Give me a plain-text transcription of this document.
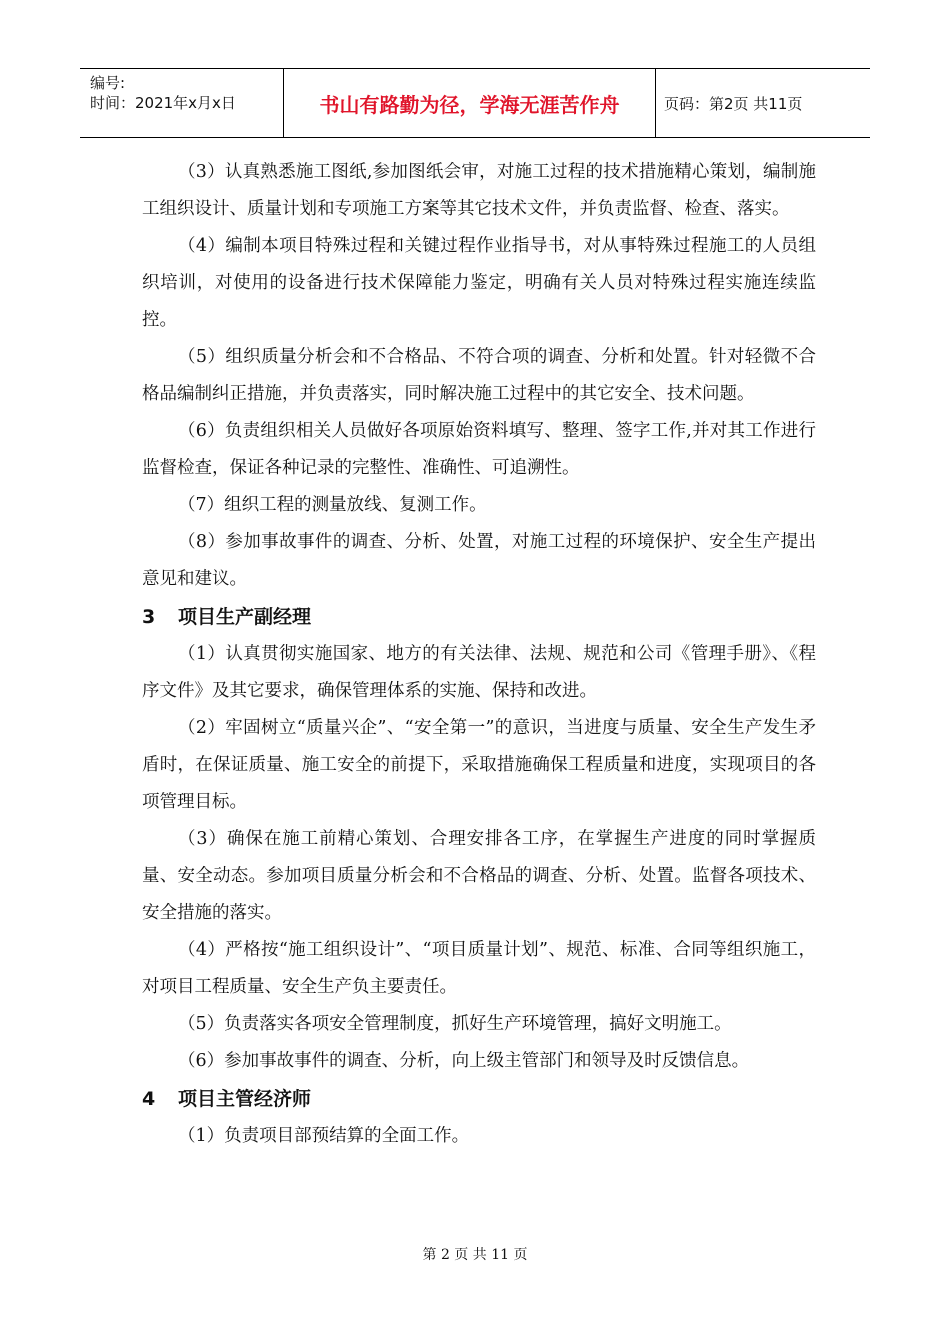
编号:
时间：2021年x月x日	书山有路勤为径，学海无涯苦作舟	页码：第2页 共11页

（3）认真熟悉施工图纸,参加图纸会审，对施工过程的技术措施精心策划，编制施工组织设计、质量计划和专项施工方案等其它技术文件，并负责监督、检查、落实。

（4）编制本项目特殊过程和关键过程作业指导书，对从事特殊过程施工的人员组织培训，对使用的设备进行技术保障能力鉴定，明确有关人员对特殊过程实施连续监控。

（5）组织质量分析会和不合格品、不符合项的调查、分析和处置。针对轻微不合格品编制纠正措施，并负责落实，同时解决施工过程中的其它安全、技术问题。

（6）负责组织相关人员做好各项原始资料填写、整理、签字工作,并对其工作进行监督检查，保证各种记录的完整性、准确性、可追溯性。

（7）组织工程的测量放线、复测工作。

（8）参加事故事件的调查、分析、处置，对施工过程的环境保护、安全生产提出意见和建议。

3 项目生产副经理

（1）认真贯彻实施国家、地方的有关法律、法规、规范和公司《管理手册》、《程序文件》及其它要求，确保管理体系的实施、保持和改进。

（2）牢固树立“质量兴企”、“安全第一”的意识，当进度与质量、安全生产发生矛盾时，在保证质量、施工安全的前提下，采取措施确保工程质量和进度，实现项目的各项管理目标。

（3）确保在施工前精心策划、合理安排各工序，在掌握生产进度的同时掌握质量、安全动态。参加项目质量分析会和不合格品的调查、分析、处置。监督各项技术、安全措施的落实。

（4）严格按“施工组织设计”、“项目质量计划”、规范、标准、合同等组织施工，对项目工程质量、安全生产负主要责任。

（5）负责落实各项安全管理制度，抓好生产环境管理，搞好文明施工。

（6）参加事故事件的调查、分析，向上级主管部门和领导及时反馈信息。

4 项目主管经济师

（1）负责项目部预结算的全面工作。

第 2 页 共 11 页
